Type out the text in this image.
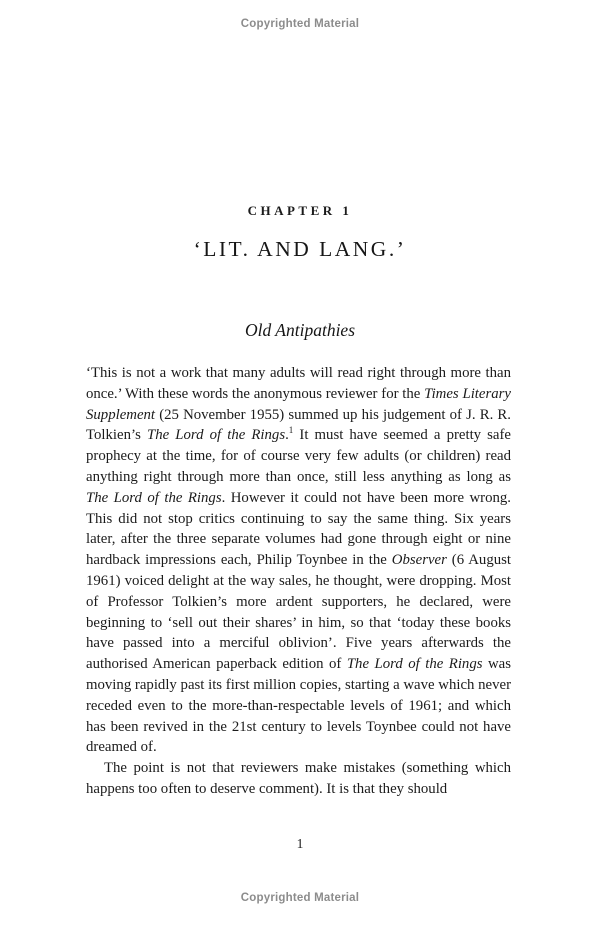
Copyrighted Material
CHAPTER 1
‘LIT. AND LANG.’
Old Antipathies

‘This is not a work that many adults will read right through more than once.’ With these words the anonymous reviewer for the Times Literary Supplement (25 November 1955) summed up his judgement of J. R. R. Tolkien’s The Lord of the Rings.$^1$ It must have seemed a pretty safe prophecy at the time, for of course very few adults (or children) read anything right through more than once, still less anything as long as The Lord of the Rings. However it could not have been more wrong. This did not stop critics continuing to say the same thing. Six years later, after the three separate volumes had gone through eight or nine hardback impressions each, Philip Toynbee in the Observer (6 August 1961) voiced delight at the way sales, he thought, were dropping. Most of Professor Tolkien’s more ardent supporters, he declared, were beginning to ‘sell out their shares’ in him, so that ‘today these books have passed into a merciful oblivion’. Five years afterwards the authorised American paperback edition of The Lord of the Rings was moving rapidly past its first million copies, starting a wave which never receded even to the more-than-respectable levels of 1961; and which has been revived in the 21st century to levels Toynbee could not have dreamed of.

The point is not that reviewers make mistakes (something which happens too often to deserve comment). It is that they should

1
Copyrighted Material
